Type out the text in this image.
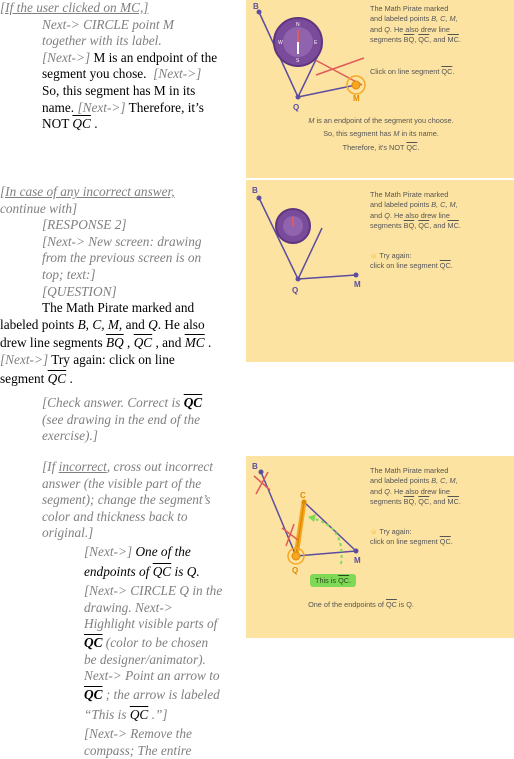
[If the user clicked on MC,]

Next-> CIRCLE point M

together with its label.

[Next->] M is an endpoint of the

segment you chose. [Next->]

So, this segment has M in its

name. [Next->] Therefore, it’s

NOT $\overline{QC}$ .

[In case of any incorrect answer,

continue with]

[RESPONSE 2]

[Next-> New screen: drawing

from the previous screen is on

top; text:]

[QUESTION]

The Math Pirate marked and

labeled points B, C, M, and Q. He also

drew line segments $\overline{BQ}$ , $\overline{QC}$ , and $\overline{MC}$ .

[Next->] Try again: click on line

segment $\overline{QC}$ .

[Check answer. Correct is $\overline{QC}$

(see drawing in the end of the

exercise).]

[If incorrect, cross out incorrect

answer (the visible part of the

segment); change the segment’s

color and thickness back to

original.]

[Next->] One of the

endpoints of $\overline{QC}$ is Q.

[Next-> CIRCLE Q in the

drawing. Next->

Highlight visible parts of

$\overline{QC}$ (color to be chosen

be designer/animator).

Next-> Point an arrow to

$\overline{QC}$ ; the arrow is labeled

“This is $\overline{QC}$ .”]

[Next-> Remove the

compass; The entire

B
Q
M
N
E
S
W
The Math Pirate marked
and labeled points B, C, M,
and Q. He also drew line
segments $\overline{BQ}$, $\overline{QC}$, and $\overline{MC}$.
Click on line segment $\overline{QC}$.
M is an endpoint of the segment you choose.
So, this segment has M in its name.
Therefore, it's NOT $\overline{QC}$.
B
Q
M
The Math Pirate marked
and labeled points B, C, M,
and Q. He also drew line
segments $\overline{BQ}$, $\overline{QC}$, and $\overline{MC}$.
☺ Try again:
click on line segment $\overline{QC}$.
B
C
Q
M
The Math Pirate marked
and labeled points B, C, M,
and Q. He also drew line
segments $\overline{BQ}$, $\overline{QC}$, and $\overline{MC}$.
☺ Try again:
click on line segment $\overline{QC}$.
This is $\overline{QC}$.
One of the endpoints of $\overline{QC}$ is Q.
